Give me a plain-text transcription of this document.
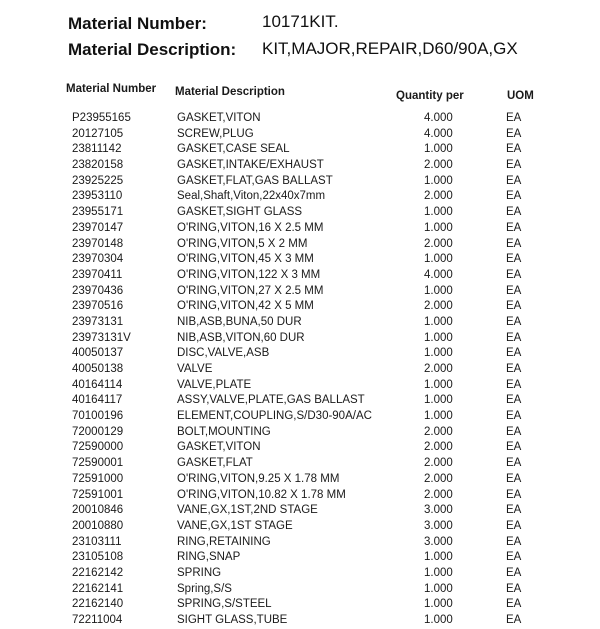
Material Number:	10171KIT.
Material Description: KIT,MAJOR,REPAIR,D60/90A,GX
Material Number Material Description	Quantity per	UOM
P23955165	GASKET,VITON	4.000	EA
20127105	SCREW,PLUG	4.000	EA
23811142	GASKET,CASE SEAL	1.000	EA
23820158	GASKET,INTAKE/EXHAUST	2.000	EA
23925225	GASKET,FLAT,GAS BALLAST	1.000	EA
23953110	Seal,Shaft,Viton,22x40x7mm	2.000	EA
23955171	GASKET,SIGHT GLASS	1.000	EA
23970147	O'RING,VITON,16 X 2.5 MM	1.000	EA
23970148	O'RING,VITON,5 X 2 MM	2.000	EA
23970304	O'RING,VITON,45 X 3 MM	1.000	EA
23970411	O'RING,VITON,122 X 3 MM	4.000	EA
23970436	O'RING,VITON,27 X 2.5 MM	1.000	EA
23970516	O'RING,VITON,42 X 5 MM	2.000	EA
23973131	NIB,ASB,BUNA,50 DUR	1.000	EA
23973131V	NIB,ASB,VITON,60 DUR	1.000	EA
40050137	DISC,VALVE,ASB	1.000	EA
40050138	VALVE	2.000	EA
40164114	VALVE,PLATE	1.000	EA
40164117	ASSY,VALVE,PLATE,GAS BALLAST	1.000	EA
70100196	ELEMENT,COUPLING,S/D30-90A/AC	1.000	EA
72000129	BOLT,MOUNTING	2.000	EA
72590000	GASKET,VITON	2.000	EA
72590001	GASKET,FLAT	2.000	EA
72591000	O'RING,VITON,9.25 X 1.78 MM	2.000	EA
72591001	O'RING,VITON,10.82 X 1.78 MM	2.000	EA
20010846	VANE,GX,1ST,2ND STAGE	3.000	EA
20010880	VANE,GX,1ST STAGE	3.000	EA
23103111	RING,RETAINING	3.000	EA
23105108	RING,SNAP	1.000	EA
22162142	SPRING	1.000	EA
22162141	Spring,S/S	1.000	EA
22162140	SPRING,S/STEEL	1.000	EA
72211004	SIGHT GLASS,TUBE	1.000	EA
